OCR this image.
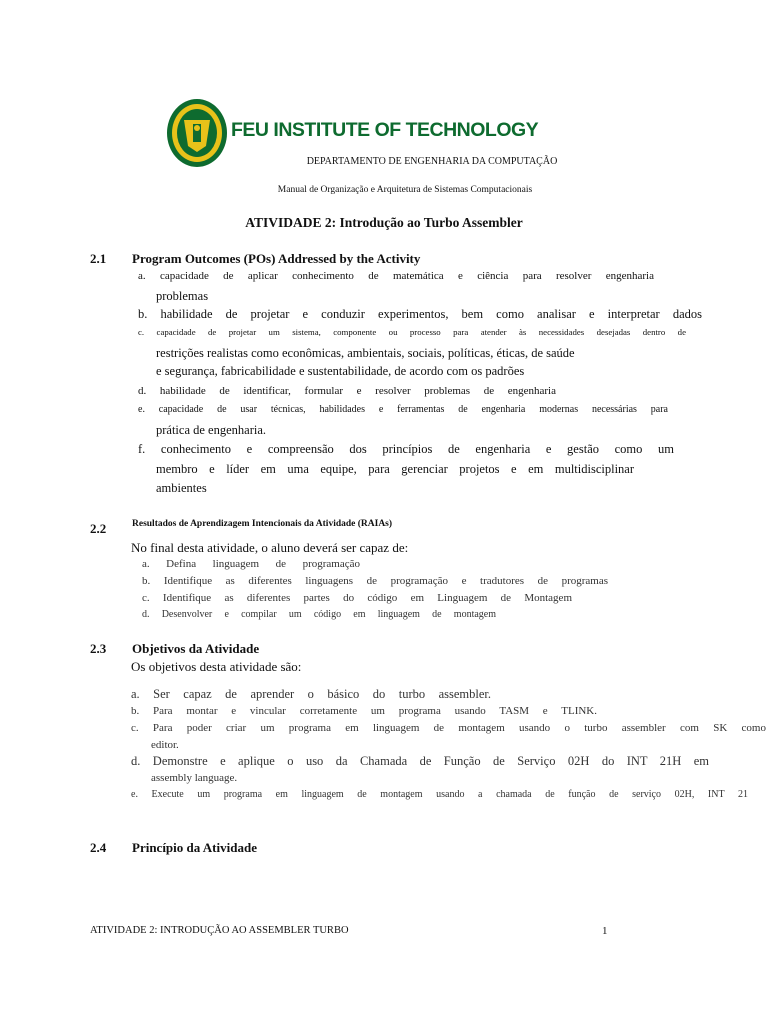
FEU INSTITUTE OF TECHNOLOGY
DEPARTAMENTO DE ENGENHARIA DA COMPUTAÇÃO
Manual de Organização e Arquitetura de Sistemas Computacionais
ATIVIDADE 2: Introdução ao Turbo Assembler
2.1 Program Outcomes (POs) Addressed by the Activity
a. capacidade de aplicar conhecimento de matemática e ciência para resolver engenharia
problemas
b. habilidade de projetar e conduzir experimentos, bem como analisar e interpretar dados
c. capacidade de projetar um sistema, componente ou processo para atender às necessidades desejadas dentro de
restrições realistas como econômicas, ambientais, sociais, políticas, éticas, de saúde
e segurança, fabricabilidade e sustentabilidade, de acordo com os padrões
d. habilidade de identificar, formular e resolver problemas de engenharia
e. capacidade de usar técnicas, habilidades e ferramentas de engenharia modernas necessárias para
prática de engenharia.
f. conhecimento e compreensão dos princípios de engenharia e gestão como um
membro e líder em uma equipe, para gerenciar projetos e em multidisciplinar
ambientes
2.2	Resultados de Aprendizagem Intencionais da Atividade (RAIAs)
No final desta atividade, o aluno deverá ser capaz de:
a. Defina linguagem de programação
b. Identifique as diferentes linguagens de programação e tradutores de programas
c. Identifique as diferentes partes do código em Linguagem de Montagem
d. Desenvolver e compilar um código em linguagem de montagem
2.3 Objetivos da Atividade
Os objetivos desta atividade são:
a. Ser capaz de aprender o básico do turbo assembler.
b. Para montar e vincular corretamente um programa usando TASM e TLINK.
c. Para poder criar um programa em linguagem de montagem usando o turbo assembler com SK como
editor.
d. Demonstre e aplique o uso da Chamada de Função de Serviço 02H do INT 21H em
assembly language.
e. Execute um programa em linguagem de montagem usando a chamada de função de serviço 02H, INT 21
2.4 Princípio da Atividade
ATIVIDADE 2: INTRODUÇÃO AO ASSEMBLER TURBO	1
